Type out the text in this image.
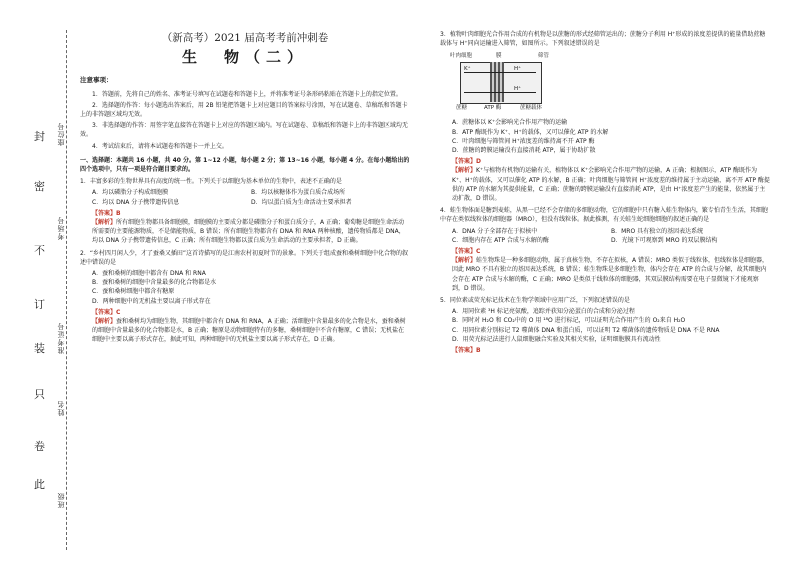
封
密
不
订
装
只
卷
此
座位号
考场号
准考证号
姓名
班级
（新高考）2021 届高考考前冲刺卷
生　物（二）
注意事项：

1．答题前，先将自己的姓名、准考证号填写在试题卷和答题卡上，并将准考证号条形码粘贴在答题卡上的指定位置。

2．选择题的作答：每小题选出答案后，用 2B 铅笔把答题卡上对应题目的答案标号涂黑，写在试题卷、草稿纸和答题卡上的非答题区域均无效。

3．非选择题的作答：用签字笔直接答在答题卡上对应的答题区域内。写在试题卷、草稿纸和答题卡上的非答题区域均无效。

4．考试结束后，请将本试题卷和答题卡一并上交。

一、选择题：本题共 16 小题，共 40 分。第 1~12 小题，每小题 2 分；第 13~16 小题，每小题 4 分。在每小题给出的四个选项中，只有一项是符合题目要求的。

1．丰富多彩的生物世界具有高度的统一性。下列关于以细胞为基本单位的生物中，表述不正确的是

A．均以磷脂分子构成细胞膜	B．均以核糖体作为蛋白质合成场所
C．均以 DNA 分子携带遗传信息	D．均以蛋白质为生命活动主要承担者
【答案】B

【解析】所有细胞生物都具备细胞膜，细胞膜的主要成分都是磷脂分子和蛋白质分子，A 正确；葡萄糖是细胞生命活动所需要的主要能源物质，不是储能物质，B 错误；所有细胞生物都含有 DNA 和 RNA 两种核酸，遗传物质都是 DNA，均以 DNA 分子携带遗传信息，C 正确；所有细胞生物都以蛋白质为生命活动的主要承担者，D 正确。

2．“乡村四月闲人少，才了蚕桑又插田”这首诗描写的是江南农村初夏时节的景象。下列关于组成蚕和桑树细胞中化合物的叙述中错误的是

A．蚕和桑树的细胞中都含有 DNA 和 RNA
B．蚕和桑树的细胞中含量最多的化合物都是水
C．蚕和桑树细胞中都含有糖原
D．两种细胞中的无机盐主要以离子形式存在
【答案】C

【解析】蚕和桑树均为细胞生物，其细胞中都含有 DNA 和 RNA，A 正确；活细胞中含量最多的化合物是水，蚕和桑树的细胞中含量最多的化合物都是水，B 正确；糖原是动物细胞特有的多糖，桑树细胞中不含有糖原，C 错误；无机盐在细胞中主要以离子形式存在，据此可知，两种细胞中的无机盐主要以离子形式存在，D 正确。

3．植物叶肉细胞光合作用合成的有机物是以蔗糖的形式经筛管运出的；蔗糖分子利用 H⁺形成的浓度差提供的能量借助蔗糖载体与 H⁺同向运输进入筛管，如图所示。下列叙述错误的是

叶肉细胞	膜	筛管
K⁺	H⁺
H⁺
蔗糖	ATP 酶	蔗糖载体
A．蔗糖体以 K⁺会影响光合作用产物的运输
B．ATP 酶既作为 K⁺、H⁺的载体，又可以催化 ATP 的水解
C．叶肉细胞与筛管间 H⁺浓度差的维持离不开 ATP 酶
D．蔗糖的跨膜运输没有直接消耗 ATP，属于协助扩散
【答案】D

【解析】K⁺与植物有机物的运输有关，植物体以 K⁺会影响光合作用产物的运输，A 正确；根据图示，ATP 酶既作为 K⁺、H⁺的载体，又可以催化 ATP 的水解，B 正确；叶肉细胞与筛管间 H⁺浓度差的维持属于主动运输，离不开 ATP 酶提供的 ATP 的水解为其提供能量，C 正确；蔗糖的跨膜运输没有直接消耗 ATP，是由 H⁺浓度差产生的能量，依然属于主动扩散，D 错误。

4．蛙生物体面是糖到麦蛙，从黑一已经不会存储的多细胞动物，它的细胞中只有糖入蛙生物体内，繁专怕青生生活，其细胞中存在类似线粒体的细胞器（MRO），但没有线粒体。据此推测，有关蛙生蛇细胞细胞的叙述正确的是

A．DNA 分子全部存在于拟核中	B．MRO 具有独立的基因表达系统
C．细胞内存在 ATP 合成与水解的酶	D．光镜下可观察到 MRO 的双层膜结构
【答案】C

【解析】蛙生物珠是一种多细胞动物，属于真核生物，不存在拟核，A 错误；MRO 类似于线粒体，但线粒体是细胞器，因此 MRO 不具有独立的基因表达系统，B 错误；蛙生物珠是多细胞生物，体内会存在 ATP 的合成与分解，故其细胞内会存在 ATP 合成与水解的酶，C 正确；MRO 是类似于线粒体的细胞器，其双层膜结构需要在电子显微镜下才能观察到，D 错误。

5．同位素或荧光标记技术在生物学领域中应用广泛，下列叙述错误的是

A．用同位素 ³H 标记亮氨酸，追踪并获知分泌蛋白的合成和分泌过程
B．同时对 H₂O 和 CO₂中的 O 用 ¹⁸O 进行标记，可以证明光合作用产生的 O₂来自 H₂O
C．用同位素分别标记 T2 噬菌体 DNA 和蛋白质，可以证明 T2 噬菌体的遗传物质是 DNA 不是 RNA
D．用荧光标记法进行人鼠细胞融合实验及其相关实验，证明细胞膜具有流动性
【答案】B
